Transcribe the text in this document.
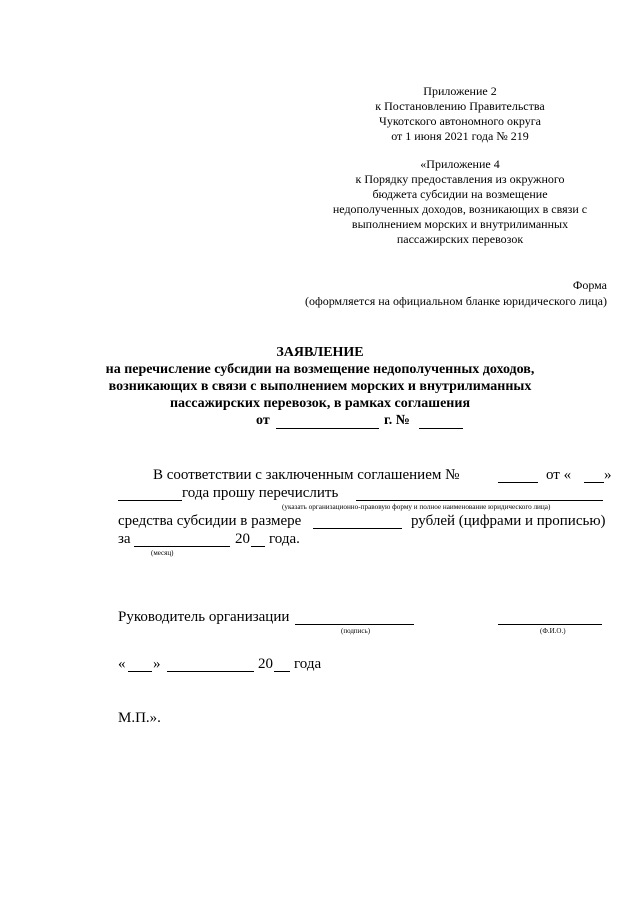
Приложение 2
к Постановлению Правительства
Чукотского автономного округа
от 1 июня 2021 года № 219
«Приложение 4
к Порядку предоставления из окружного
бюджета субсидии на возмещение
недополученных доходов, возникающих в связи с
выполнением морских и внутрилиманных
пассажирских перевозок
Форма
(оформляется на официальном бланке юридического лица)
ЗАЯВЛЕНИЕ
на перечисление субсидии на возмещение недополученных доходов,
возникающих в связи с выполнением морских и внутрилиманных
пассажирских перевозок, в рамках соглашения
от	г. №
В соответствии с заключенным соглашением №	от « »
года прошу перечислить
(указать организационно-правовую форму и полное наименование юридического лица)
средства субсидии в размере	рублей (цифрами и прописью)
за	20 года.
(месяц)
Руководитель организации
(подпись)	(Ф.И.О.)
« »	20 года
М.П.».
